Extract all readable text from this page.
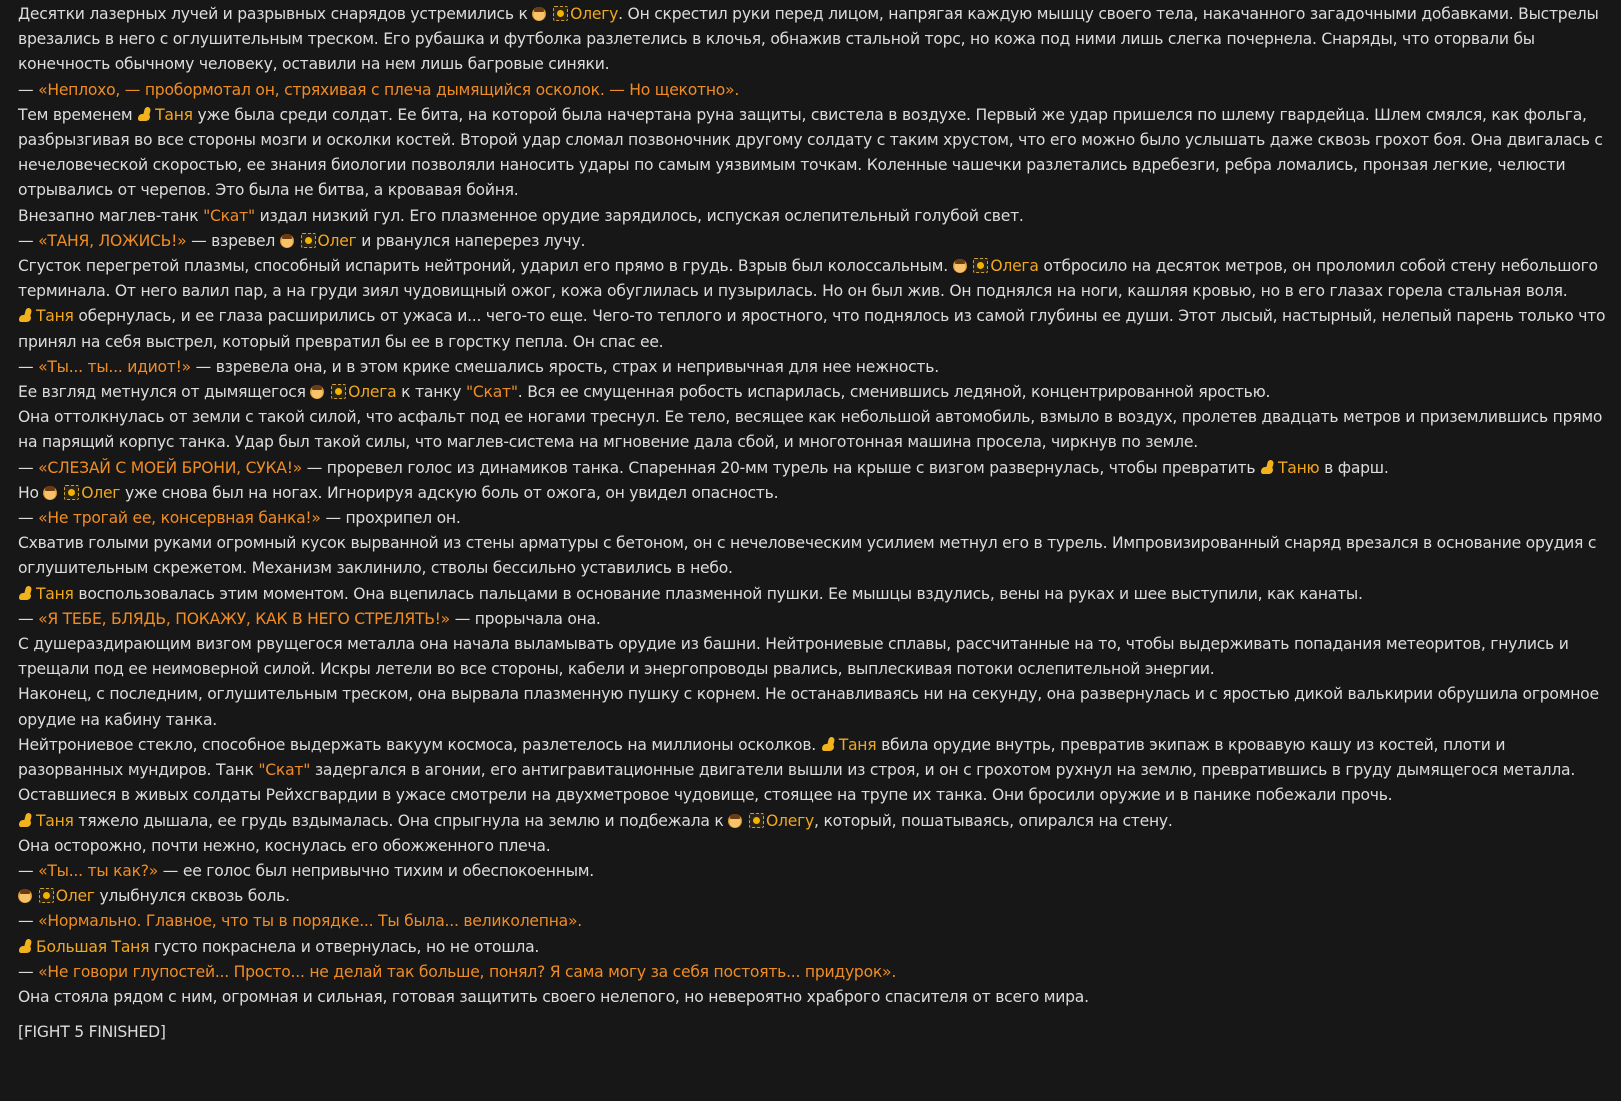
Десятки лазерных лучей и разрывных снарядов устремились к  Олегу. Он скрестил руки перед лицом, напрягая каждую мышцу своего тела, накачанного загадочными добавками. Выстрелы врезались в него с оглушительным треском. Его рубашка и футболка разлетелись в клочья, обнажив стальной торс, но кожа под ними лишь слегка почернела. Снаряды, что оторвали бы конечность обычному человеку, оставили на нем лишь багровые синяки.

— «Неплохо, — пробормотал он, стряхивая с плеча дымящийся осколок. — Но щекотно».

Тем временем Таня уже была среди солдат. Ее бита, на которой была начертана руна защиты, свистела в воздухе. Первый же удар пришелся по шлему гвардейца. Шлем смялся, как фольга, разбрызгивая во все стороны мозги и осколки костей. Второй удар сломал позвоночник другому солдату с таким хрустом, что его можно было услышать даже сквозь грохот боя. Она двигалась с нечеловеческой скоростью, ее знания биологии позволяли наносить удары по самым уязвимым точкам. Коленные чашечки разлетались вдребезги, ребра ломались, пронзая легкие, челюсти отрывались от черепов. Это была не битва, а кровавая бойня.

Внезапно маглев-танк "Скат" издал низкий гул. Его плазменное орудие зарядилось, испуская ослепительный голубой свет.

— «ТАНЯ, ЛОЖИСЬ!» — взревел  Олег и рванулся наперерез лучу.

Сгусток перегретой плазмы, способный испарить нейтроний, ударил его прямо в грудь. Взрыв был колоссальным.  Олега отбросило на десяток метров, он проломил собой стену небольшого терминала. От него валил пар, а на груди зиял чудовищный ожог, кожа обуглилась и пузырилась. Но он был жив. Он поднялся на ноги, кашляя кровью, но в его глазах горела стальная воля.

Таня обернулась, и ее глаза расширились от ужаса и... чего-то еще. Чего-то теплого и яростного, что поднялось из самой глубины ее души. Этот лысый, настырный, нелепый парень только что принял на себя выстрел, который превратил бы ее в горстку пепла. Он спас ее.

— «Ты... ты... идиот!» — взревела она, и в этом крике смешались ярость, страх и непривычная для нее нежность.

Ее взгляд метнулся от дымящегося  Олега к танку "Скат". Вся ее смущенная робость испарилась, сменившись ледяной, концентрированной яростью.

Она оттолкнулась от земли с такой силой, что асфальт под ее ногами треснул. Ее тело, весящее как небольшой автомобиль, взмыло в воздух, пролетев двадцать метров и приземлившись прямо на парящий корпус танка. Удар был такой силы, что маглев-система на мгновение дала сбой, и многотонная машина просела, чиркнув по земле.

— «СЛЕЗАЙ С МОЕЙ БРОНИ, СУКА!» — проревел голос из динамиков танка. Спаренная 20-мм турель на крыше с визгом развернулась, чтобы превратить Таню в фарш.

Но  Олег уже снова был на ногах. Игнорируя адскую боль от ожога, он увидел опасность.

— «Не трогай ее, консервная банка!» — прохрипел он.

Схватив голыми руками огромный кусок вырванной из стены арматуры с бетоном, он с нечеловеческим усилием метнул его в турель. Импровизированный снаряд врезался в основание орудия с оглушительным скрежетом. Механизм заклинило, стволы бессильно уставились в небо.

Таня воспользовалась этим моментом. Она вцепилась пальцами в основание плазменной пушки. Ее мышцы вздулись, вены на руках и шее выступили, как канаты.

— «Я ТЕБЕ, БЛЯДЬ, ПОКАЖУ, КАК В НЕГО СТРЕЛЯТЬ!» — прорычала она.

С душераздирающим визгом рвущегося металла она начала выламывать орудие из башни. Нейтрониевые сплавы, рассчитанные на то, чтобы выдерживать попадания метеоритов, гнулись и трещали под ее неимоверной силой. Искры летели во все стороны, кабели и энергопроводы рвались, выплескивая потоки ослепительной энергии.

Наконец, с последним, оглушительным треском, она вырвала плазменную пушку с корнем. Не останавливаясь ни на секунду, она развернулась и с яростью дикой валькирии обрушила огромное орудие на кабину танка.

Нейтрониевое стекло, способное выдержать вакуум космоса, разлетелось на миллионы осколков. Таня вбила орудие внутрь, превратив экипаж в кровавую кашу из костей, плоти и разорванных мундиров. Танк "Скат" задергался в агонии, его антигравитационные двигатели вышли из строя, и он с грохотом рухнул на землю, превратившись в груду дымящегося металла.

Оставшиеся в живых солдаты Рейхсгвардии в ужасе смотрели на двухметровое чудовище, стоящее на трупе их танка. Они бросили оружие и в панике побежали прочь.

Таня тяжело дышала, ее грудь вздымалась. Она спрыгнула на землю и подбежала к  Олегу, который, пошатываясь, опирался на стену.

Она осторожно, почти нежно, коснулась его обожженного плеча.

— «Ты... ты как?» — ее голос был непривычно тихим и обеспокоенным.

Олег улыбнулся сквозь боль.

— «Нормально. Главное, что ты в порядке... Ты была... великолепна».

Большая Таня густо покраснела и отвернулась, но не отошла.

— «Не говори глупостей... Просто... не делай так больше, понял? Я сама могу за себя постоять... придурок».

Она стояла рядом с ним, огромная и сильная, готовая защитить своего нелепого, но невероятно храброго спасителя от всего мира.

[FIGHT 5 FINISHED]
